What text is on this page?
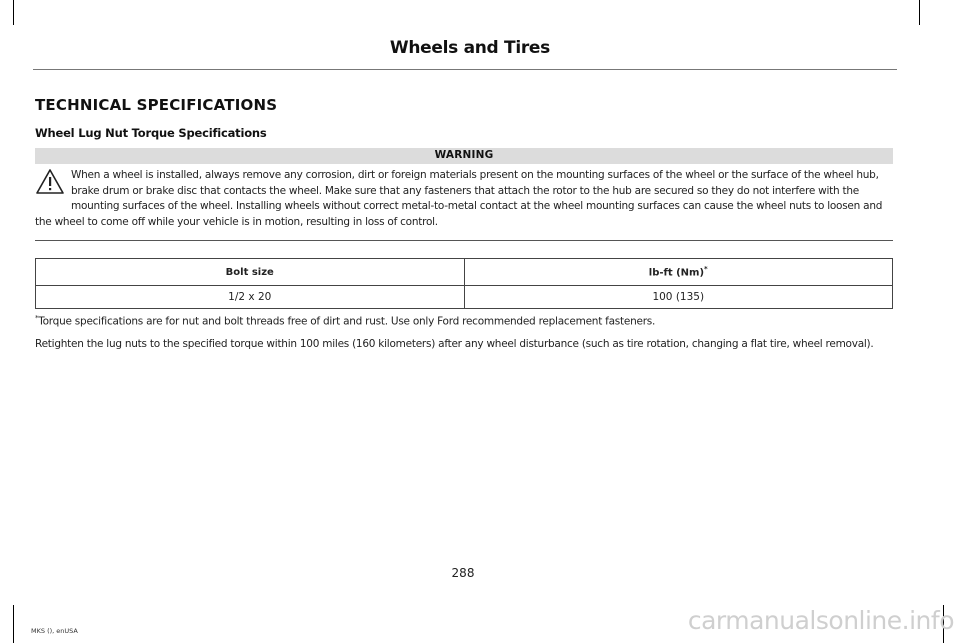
Wheels and Tires
TECHNICAL SPECIFICATIONS
Wheel Lug Nut Torque Specifications
WARNING

When a wheel is installed, always remove any corrosion, dirt or foreign materials present on the mounting surfaces of the wheel or the surface of the wheel hub, brake drum or brake disc that contacts the wheel. Make sure that any fasteners that attach the rotor to the hub are secured so they do not interfere with the mounting surfaces of the wheel. Installing wheels without correct metal-to-metal contact at the wheel mounting surfaces can cause the wheel nuts to loosen and the wheel to come off while your vehicle is in motion, resulting in loss of control.

Bolt size	lb-ft (Nm)*
1/2 x 20	100 (135)

*Torque specifications are for nut and bolt threads free of dirt and rust. Use only Ford recommended replacement fasteners.

Retighten the lug nuts to the specified torque within 100 miles (160 kilometers) after any wheel disturbance (such as tire rotation, changing a flat tire, wheel removal).

288
MKS (), enUSA	carmanualsonline.info
